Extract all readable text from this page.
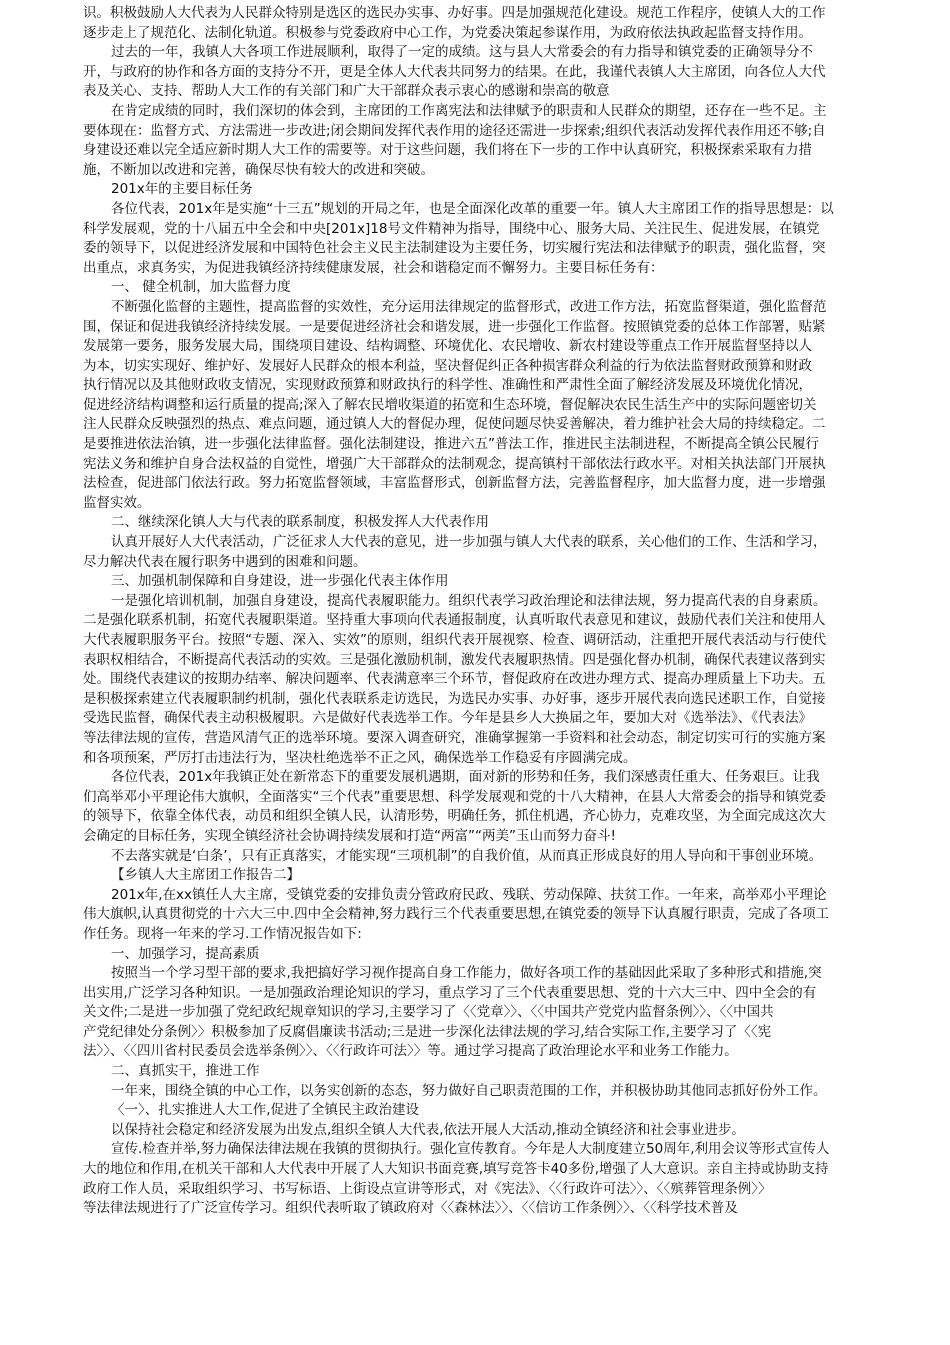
识。积极鼓励人大代表为人民群众特别是选区的选民办实事、办好事。四是加强规范化建设。规范工作程序，使镇人大的工作
逐步走上了规范化、法制化轨道。积极参与党委政府中心工作，为党委决策起参谋作用，为政府依法执政起监督支持作用。
过去的一年，我镇人大各项工作进展顺利，取得了一定的成绩。这与县人大常委会的有力指导和镇党委的正确领导分不
开，与政府的协作和各方面的支持分不开，更是全体人大代表共同努力的结果。在此，我谨代表镇人大主席团，向各位人大代
表及关心、支持、帮助人大工作的有关部门和广大干部群众表示衷心的感谢和崇高的敬意
在肯定成绩的同时，我们深切的体会到，主席团的工作离宪法和法律赋予的职责和人民群众的期望，还存在一些不足。主
要体现在：监督方式、方法需进一步改进;闭会期间发挥代表作用的途径还需进一步探索;组织代表活动发挥代表作用还不够;自
身建设还难以完全适应新时期人大工作的需要等。对于这些问题，我们将在下一步的工作中认真研究，积极探索采取有力措
施，不断加以改进和完善，确保尽快有较大的改进和突破。
201x年的主要目标任务
各位代表，201x年是实施“十三五”规划的开局之年，也是全面深化改革的重要一年。镇人大主席团工作的指导思想是：以
科学发展观，党的十八届五中全会和中央[201x]18号文件精神为指导，围绕中心、服务大局、关注民生、促进发展，在镇党
委的领导下，以促进经济发展和中国特色社会主义民主法制建设为主要任务，切实履行宪法和法律赋予的职责，强化监督，突
出重点，求真务实，为促进我镇经济持续健康发展，社会和谐稳定而不懈努力。主要目标任务有：
一、 健全机制，加大监督力度
不断强化监督的主题性，提高监督的实效性，充分运用法律规定的监督形式，改进工作方法，拓宽监督渠道，强化监督范
围，保证和促进我镇经济持续发展。一是要促进经济社会和谐发展，进一步强化工作监督。按照镇党委的总体工作部署，贴紧
发展第一要务，服务发展大局，围绕项目建设、结构调整、环境优化、农民增收、新农村建设等重点工作开展监督坚持以人
为本，切实实现好、维护好、发展好人民群众的根本利益，坚决督促纠正各种损害群众利益的行为依法监督财政预算和财政
执行情况以及其他财政收支情况，实现财政预算和财政执行的科学性、准确性和严肃性全面了解经济发展及环境优化情况，
促进经济结构调整和运行质量的提高;深入了解农民增收渠道的拓宽和生态环境，督促解决农民生活生产中的实际问题密切关
注人民群众反映强烈的热点、难点问题，通过镇人大的督促办理，促使问题尽快妥善解决，着力维护社会大局的持续稳定。二
是要推进依法治镇，进一步强化法律监督。强化法制建设，推进六五”普法工作，推进民主法制进程，不断提高全镇公民履行
宪法义务和维护自身合法权益的自觉性，增强广大干部群众的法制观念，提高镇村干部依法行政水平。对相关执法部门开展执
法检查，促进部门依法行政。努力拓宽监督领域，丰富监督形式，创新监督方法，完善监督程序，加大监督力度，进一步增强
监督实效。
二、继续深化镇人大与代表的联系制度，积极发挥人大代表作用
认真开展好人大代表活动，广泛征求人大代表的意见，进一步加强与镇人大代表的联系，关心他们的工作、生活和学习，
尽力解决代表在履行职务中遇到的困难和问题。
三、加强机制保障和自身建设，进一步强化代表主体作用
一是强化培训机制，加强自身建设，提高代表履职能力。组织代表学习政治理论和法律法规，努力提高代表的自身素质。
二是强化联系机制，拓宽代表履职渠道。坚持重大事项向代表通报制度，认真听取代表意见和建议，鼓励代表们关注和使用人
大代表履职服务平台。按照“专题、深入、实效”的原则，组织代表开展视察、检查、调研活动，注重把开展代表活动与行使代
表职权相结合，不断提高代表活动的实效。三是强化激励机制，激发代表履职热情。四是强化督办机制，确保代表建议落到实
处。围绕代表建议的按期办结率、解决问题率、代表满意率三个环节，督促政府在改进办理方式、提高办理质量上下功夫。五
是积极探索建立代表履职制约机制，强化代表联系走访选民，为选民办实事、办好事，逐步开展代表向选民述职工作，自觉接
受选民监督，确保代表主动积极履职。六是做好代表选举工作。今年是县乡人大换届之年，要加大对《选举法》、《代表法》
等法律法规的宣传，营造风清气正的选举环境。要深入调查研究，准确掌握第一手资料和社会动态，制定切实可行的实施方案
和各项预案，严厉打击违法行为，坚决杜绝选举不正之风，确保选举工作稳妥有序圆满完成。
各位代表，201x年我镇正处在新常态下的重要发展机遇期，面对新的形势和任务，我们深感责任重大、任务艰巨。让我
们高举邓小平理论伟大旗帜，全面落实“三个代表”重要思想、科学发展观和党的十八大精神，在县人大常委会的指导和镇党委
的领导下，依靠全体代表，动员和组织全镇人民，认清形势，明确任务，抓住机遇，齐心协力，克难攻坚，为全面完成这次大
会确定的目标任务，实现全镇经济社会协调持续发展和打造“两富”“两美”玉山而努力奋斗!
不去落实就是‘白条’，只有正真落实，才能实现“三项机制”的自我价值，从而真正形成良好的用人导向和干事创业环境。
【乡镇人大主席团工作报告二】
201x年,在xx镇任人大主席，受镇党委的安排负责分管政府民政、残联、劳动保障、扶贫工作。一年来，高举邓小平理论
伟大旗帜,认真贯彻党的十六大三中.四中全会精神,努力践行三个代表重要思想,在镇党委的领导下认真履行职责，完成了各项工
作任务。现将一年来的学习.工作情况报告如下:
一、加强学习，提高素质
按照当一个学习型干部的要求,我把搞好学习视作提高自身工作能力，做好各项工作的基础因此采取了多种形式和措施,突
出实用,广泛学习各种知识。一是加强政治理论知识的学习，重点学习了三个代表重要思想、党的十六大三中、四中全会的有
关文件;二是进一步加强了党纪政纪规章知识的学习,主要学习了〈〈党章〉〉、〈〈中国共产党党内监督条例〉〉、〈〈中国共
产党纪律处分条例〉〉积极参加了反腐倡廉读书活动;三是进一步深化法律法规的学习,结合实际工作,主要学习了〈〈宪
法〉〉、〈〈四川省村民委员会选举条例〉〉、〈〈行政许可法〉〉等。通过学习提高了政治理论水平和业务工作能力。
二、真抓实干，推进工作
一年来，围绕全镇的中心工作，以务实创新的态态，努力做好自己职责范围的工作，并积极协助其他同志抓好份外工作。
〈一〉、扎实推进人大工作,促进了全镇民主政治建设
以保持社会稳定和经济发展为出发点,组织全镇人大代表,依法开展人大活动,推动全镇经济和社会事业进步。
宣传.检查并举,努力确保法律法规在我镇的贯彻执行。强化宣传教育。今年是人大制度建立50周年,利用会议等形式宣传人
大的地位和作用,在机关干部和人大代表中开展了人大知识书面竞赛,填写竞答卡40多份,增强了人大意识。亲自主持或协助支持
政府工作人员，采取组织学习、书写标语、上街设点宣讲等形式，对《宪法》、〈〈行政许可法〉〉、〈〈殡葬管理条例〉〉
等法律法规进行了广泛宣传学习。组织代表听取了镇政府对〈〈森林法〉〉、〈〈信访工作条例〉〉、〈〈科学技术普及
